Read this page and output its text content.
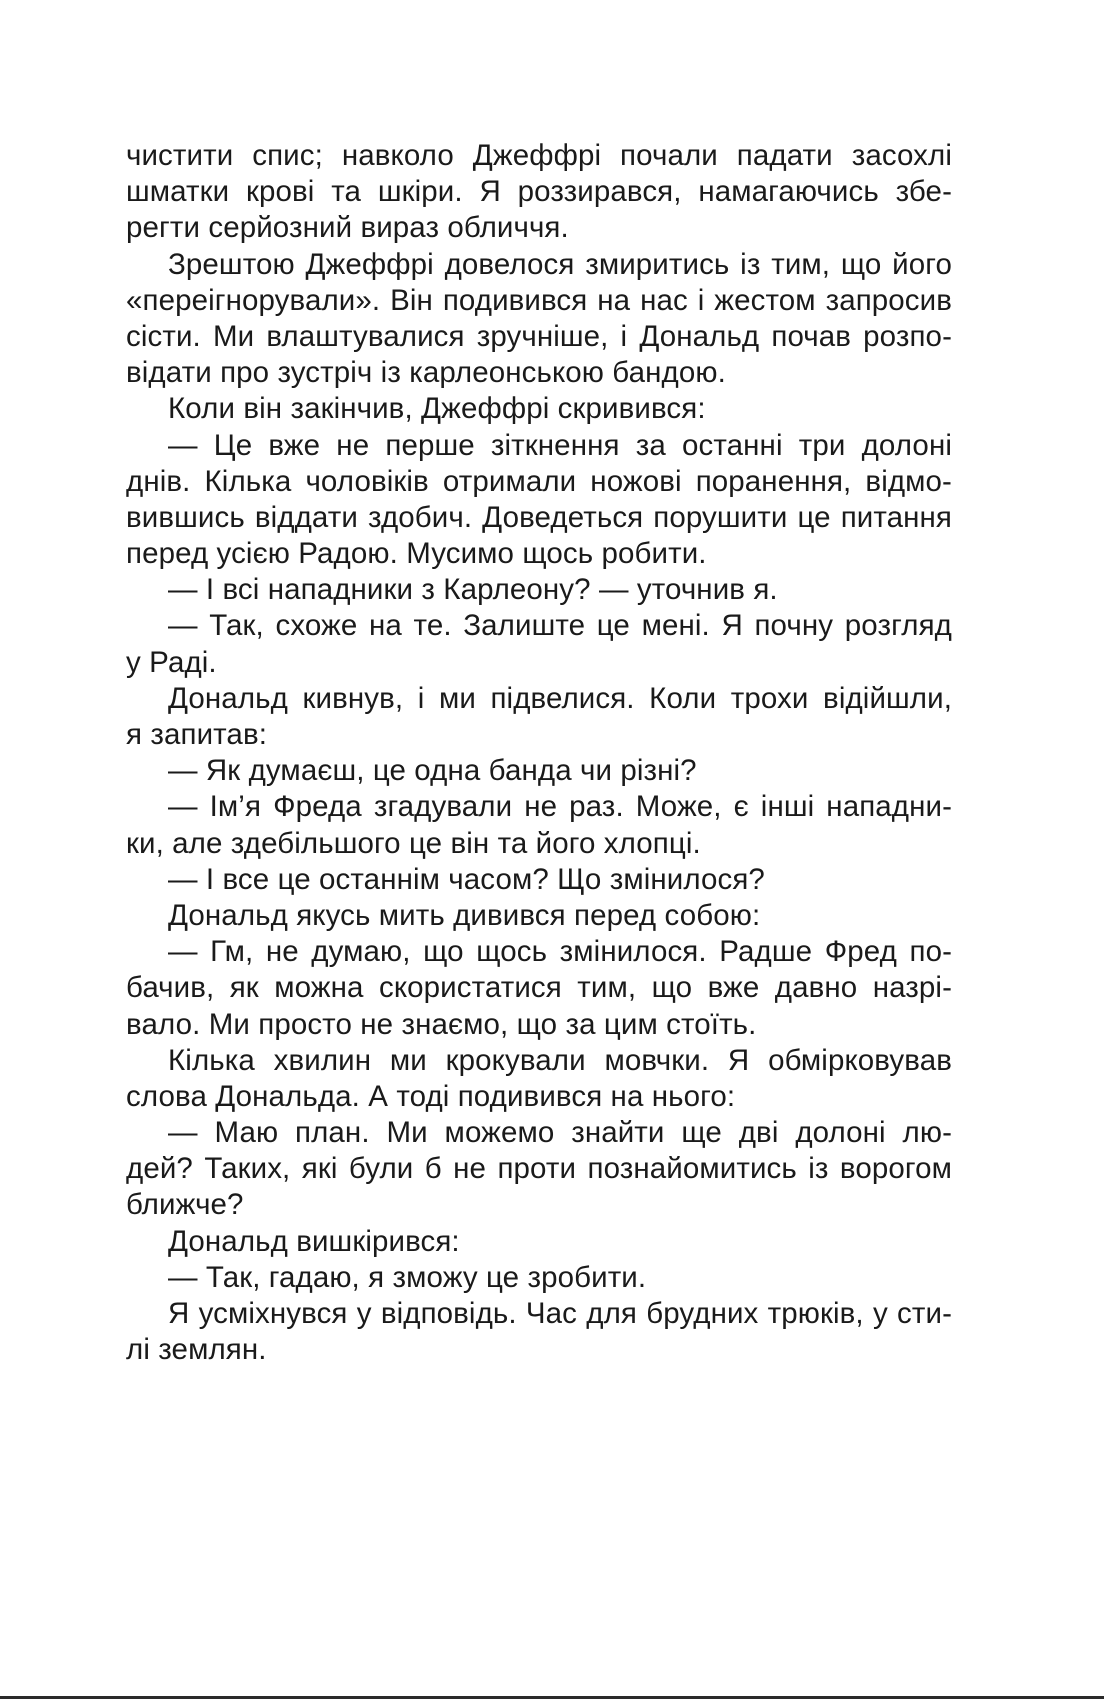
чистити спис; навколо Джеффрі почали падати засохлі
шматки крові та шкіри. Я роззирався, намагаючись збе-
регти серйозний вираз обличчя.
Зрештою Джеффрі довелося змиритись із тим, що його
«переігнорували». Він подивився на нас і жестом запросив
сісти. Ми влаштувалися зручніше, і Дональд почав розпо-
відати про зустріч із карлеонською бандою.
Коли він закінчив, Джеффрі скривився:
— Це вже не перше зіткнення за останні три долоні
днів. Кілька чоловіків отримали ножові поранення, відмо-
вившись віддати здобич. Доведеться порушити це питання
перед усією Радою. Мусимо щось робити.
— І всі нападники з Карлеону? — уточнив я.
— Так, схоже на те. Залиште це мені. Я почну розгляд
у Раді.
Дональд кивнув, і ми підвелися. Коли трохи відійшли,
я запитав:
— Як думаєш, це одна банда чи різні?
— Ім’я Фреда згадували не раз. Може, є інші нападни-
ки, але здебільшого це він та його хлопці.
— І все це останнім часом? Що змінилося?
Дональд якусь мить дивився перед собою:
— Гм, не думаю, що щось змінилося. Радше Фред по-
бачив, як можна скористатися тим, що вже давно назрі-
вало. Ми просто не знаємо, що за цим стоїть.
Кілька хвилин ми крокували мовчки. Я обмірковував
слова Дональда. А тоді подивився на нього:
— Маю план. Ми можемо знайти ще дві долоні лю-
дей? Таких, які були б не проти познайомитись із ворогом
ближче?
Дональд вишкірився:
— Так, гадаю, я зможу це зробити.
Я усміхнувся у відповідь. Час для брудних трюків, у сти-
лі землян.
